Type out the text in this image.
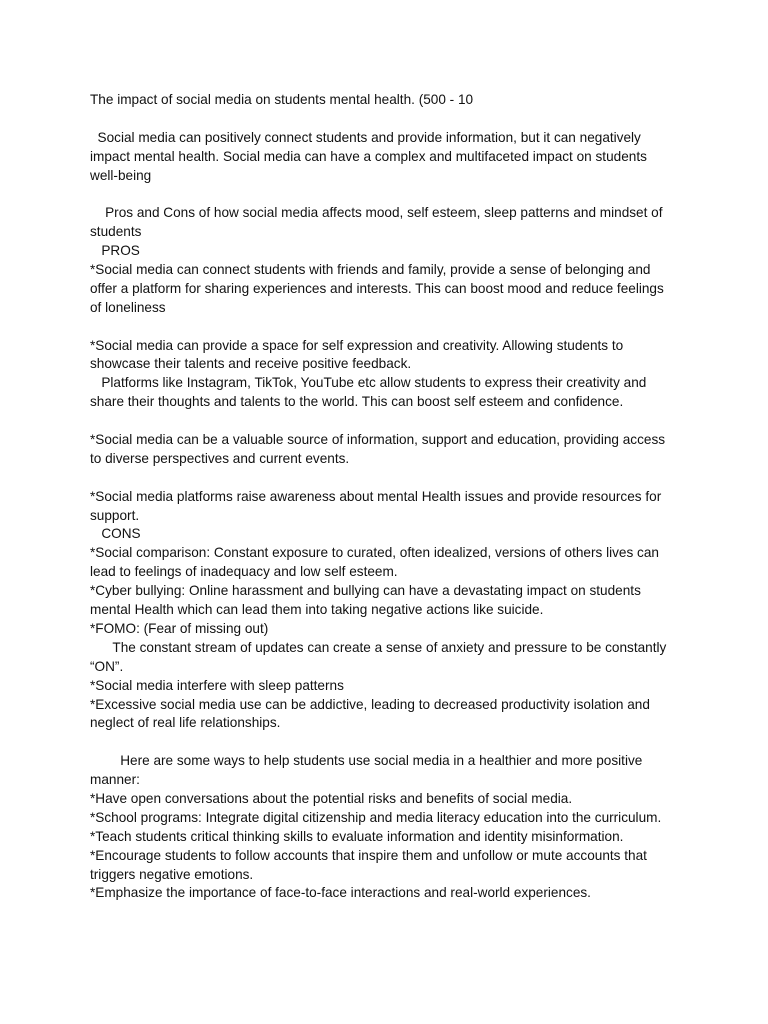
The impact of social media on students mental health. (500 - 10
Social media can positively connect students and provide information, but it can negatively
impact mental health. Social media can have a complex and multifaceted impact on students
well-being
Pros and Cons of how social media affects mood, self esteem, sleep patterns and mindset of
students
PROS
*Social media can connect students with friends and family, provide a sense of belonging and
offer a platform for sharing experiences and interests. This can boost mood and reduce feelings
of loneliness
*Social media can provide a space for self expression and creativity. Allowing students to
showcase their talents and receive positive feedback.
Platforms like Instagram, TikTok, YouTube etc allow students to express their creativity and
share their thoughts and talents to the world. This can boost self esteem and confidence.
*Social media can be a valuable source of information, support and education, providing access
to diverse perspectives and current events.
*Social media platforms raise awareness about mental Health issues and provide resources for
support.
CONS
*Social comparison: Constant exposure to curated, often idealized, versions of others lives can
lead to feelings of inadequacy and low self esteem.
*Cyber bullying: Online harassment and bullying can have a devastating impact on students
mental Health which can lead them into taking negative actions like suicide.
*FOMO: (Fear of missing out)
The constant stream of updates can create a sense of anxiety and pressure to be constantly
“ON”.
*Social media interfere with sleep patterns
*Excessive social media use can be addictive, leading to decreased productivity isolation and
neglect of real life relationships.
Here are some ways to help students use social media in a healthier and more positive
manner:
*Have open conversations about the potential risks and benefits of social media.
*School programs: Integrate digital citizenship and media literacy education into the curriculum.
*Teach students critical thinking skills to evaluate information and identity misinformation.
*Encourage students to follow accounts that inspire them and unfollow or mute accounts that
triggers negative emotions.
*Emphasize the importance of face-to-face interactions and real-world experiences.
